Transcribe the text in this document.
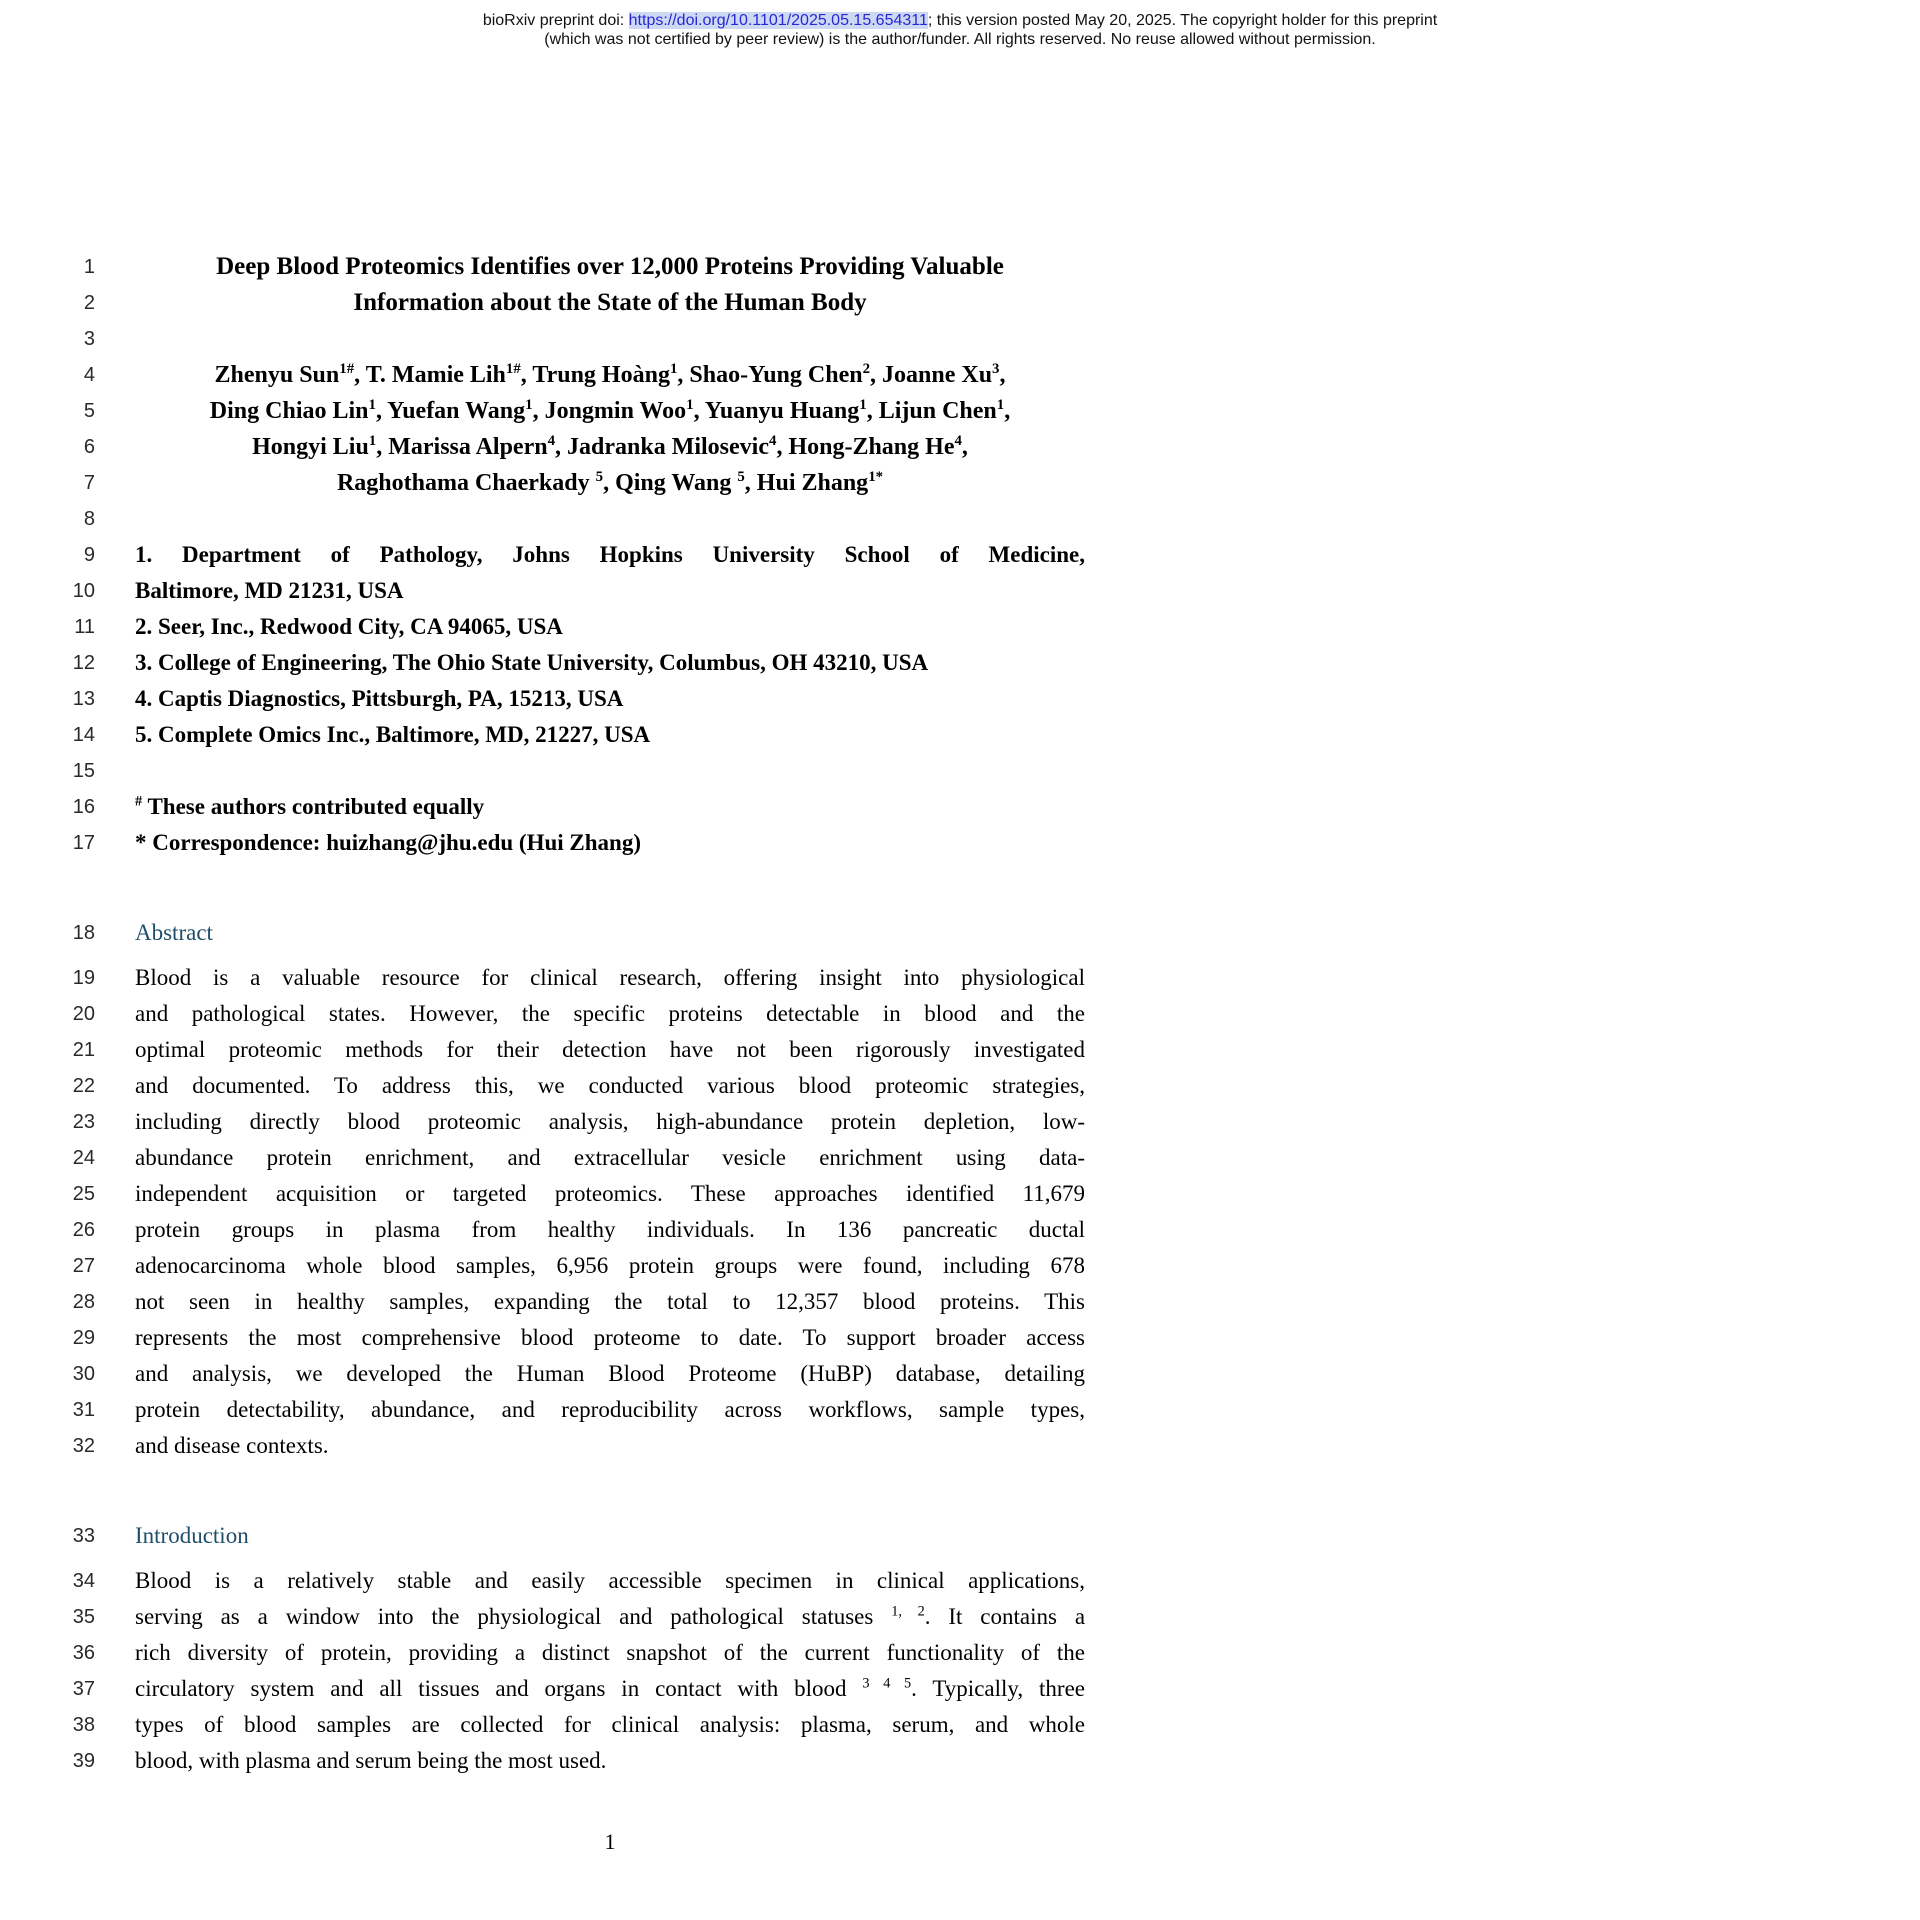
bioRxiv preprint doi: https://doi.org/10.1101/2025.05.15.654311; this version posted May 20, 2025. The copyright holder for this preprint
(which was not certified by peer review) is the author/funder. All rights reserved. No reuse allowed without permission.
1	Deep Blood Proteomics Identifies over 12,000 Proteins Providing Valuable
2	Information about the State of the Human Body
3
4	Zhenyu Sun$^{1\#}$, T. Mamie Lih$^{1\#}$, Trung Hoàng$^1$, Shao-Yung Chen$^2$, Joanne Xu$^3$,
5	Ding Chiao Lin$^1$, Yuefan Wang$^1$, Jongmin Woo$^1$, Yuanyu Huang$^1$, Lijun Chen$^1$,
6	Hongyi Liu$^1$, Marissa Alpern$^4$, Jadranka Milosevic$^4$, Hong-Zhang He$^4$,
7	Raghothama Chaerkady $^5$, Qing Wang $^5$, Hui Zhang$^{1*}$
8
9 1. Department of Pathology, Johns Hopkins University School of Medicine,
10 Baltimore, MD 21231, USA
11 2. Seer, Inc., Redwood City, CA 94065, USA
12 3. College of Engineering, The Ohio State University, Columbus, OH 43210, USA
13 4. Captis Diagnostics, Pittsburgh, PA, 15213, USA
14 5. Complete Omics Inc., Baltimore, MD, 21227, USA
15
16	# These authors contributed equally
17 * Correspondence: huizhang@jhu.edu (Hui Zhang)
18 Abstract
19 Blood is a valuable resource for clinical research, offering insight into physiological
20 and pathological states. However, the specific proteins detectable in blood and the
21 optimal proteomic methods for their detection have not been rigorously investigated
22 and documented. To address this, we conducted various blood proteomic strategies,
23 including directly blood proteomic analysis, high-abundance protein depletion, low-
24 abundance protein enrichment, and extracellular vesicle enrichment using data-
25 independent acquisition or targeted proteomics. These approaches identified 11,679
26 protein groups in plasma from healthy individuals. In 136 pancreatic ductal
27 adenocarcinoma whole blood samples, 6,956 protein groups were found, including 678
28 not seen in healthy samples, expanding the total to 12,357 blood proteins. This
29 represents the most comprehensive blood proteome to date. To support broader access
30 and analysis, we developed the Human Blood Proteome (HuBP) database, detailing
31 protein detectability, abundance, and reproducibility across workflows, sample types,
32 and disease contexts.
33 Introduction
34 Blood is a relatively stable and easily accessible specimen in clinical applications,
35 serving as a window into the physiological and pathological statuses $^{1, 2}$. It contains a
36 rich diversity of protein, providing a distinct snapshot of the current functionality of the
37 circulatory system and all tissues and organs in contact with blood $^{3 4 5}$. Typically, three
38 types of blood samples are collected for clinical analysis: plasma, serum, and whole
39 blood, with plasma and serum being the most used.
1
